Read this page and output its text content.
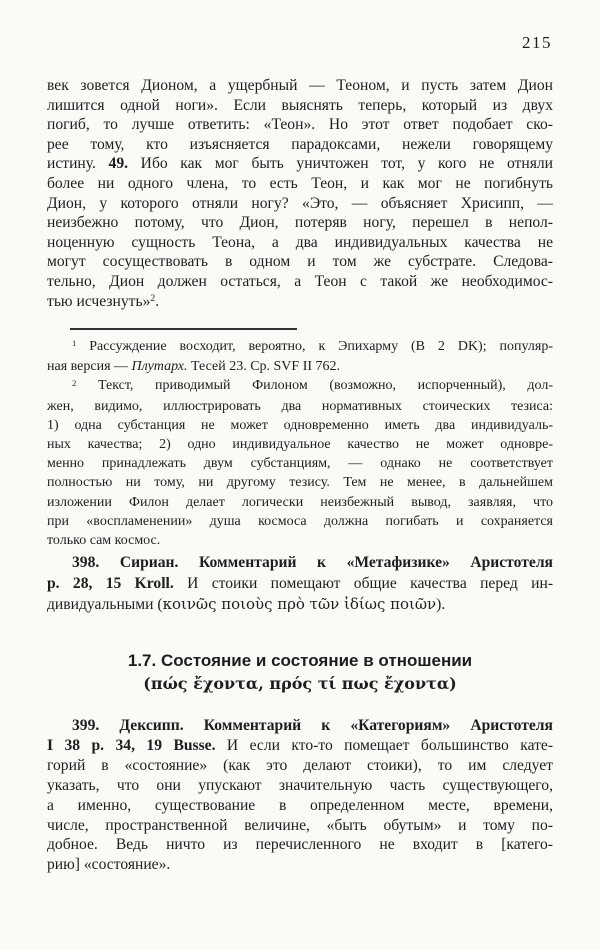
215
век зовется Дионом, а ущербный — Теоном, и пусть затем Дион
лишится одной ноги». Если выяснять теперь, который из двух
погиб, то лучше ответить: «Теон». Но этот ответ подобает ско-
рее тому, кто изъясняется парадоксами, нежели говорящему
истину. 49. Ибо как мог быть уничтожен тот, у кого не отняли
более ни одного члена, то есть Теон, и как мог не погибнуть
Дион, у которого отняли ногу? «Это, — объясняет Хрисипп, —
неизбежно потому, что Дион, потеряв ногу, перешел в непол-
ноценную сущность Теона, а два индивидуальных качества не
могут сосуществовать в одном и том же субстрате. Следова-
тельно, Дион должен остаться, а Теон с такой же необходимос-
тью исчезнуть»$^2$.
$^1$ Рассуждение восходит, вероятно, к Эпихарму (B 2 DK); популяр-
ная версия — Плутарх. Тесей 23. Ср. SVF II 762.
$^2$ Текст, приводимый Филоном (возможно, испорченный), дол-
жен, видимо, иллюстрировать два нормативных стоических тезиса:
1) одна субстанция не может одновременно иметь два индивидуаль-
ных качества; 2) одно индивидуальное качество не может одновре-
менно принадлежать двум субстанциям, — однако не соответствует
полностью ни тому, ни другому тезису. Тем не менее, в дальнейшем
изложении Филон делает логически неизбежный вывод, заявляя, что
при «воспламенении» душа космоса должна погибать и сохраняется
только сам космос.
398. Сириан. Комментарий к «Метафизике» Аристотеля
p. 28, 15 Kroll. И стоики помещают общие качества перед ин-
дивидуальными (κοινῶς ποιοὺς πρὸ τῶν ἰδίως ποιῶν).
1.7. Состояние и состояние в отношении
(πώς ἔχοντα, πρός τί πως ἔχοντα)
399. Дексипп. Комментарий к «Категориям» Аристотеля
I 38 p. 34, 19 Busse. И если кто-то помещает большинство кате-
горий в «состояние» (как это делают стоики), то им следует
указать, что они упускают значительную часть существующего,
а именно, существование в определенном месте, времени,
числе, пространственной величине, «быть обутым» и тому по-
добное. Ведь ничто из перечисленного не входит в [катего-
рию] «состояние».
